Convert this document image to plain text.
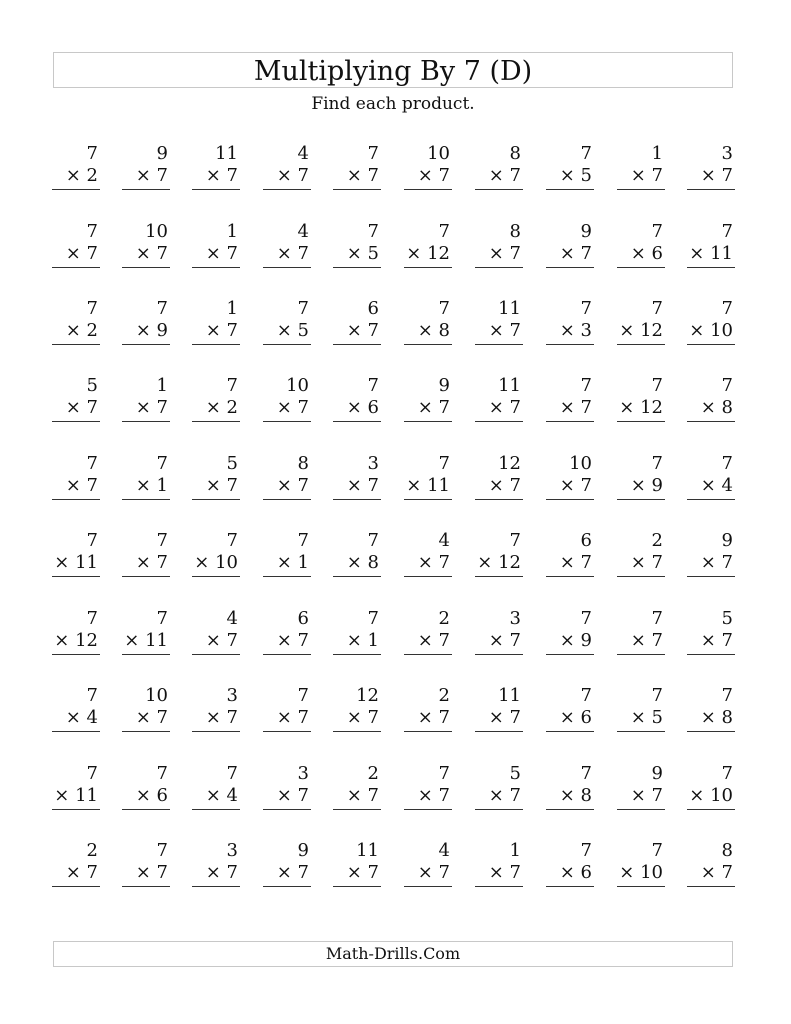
Multiplying By 7 (D)
Find each product.
7
× 2
9
× 7
11
× 7
4
× 7
7
× 7
10
× 7
8
× 7
7
× 5
1
× 7
3
× 7
7
× 7
10
× 7
1
× 7
4
× 7
7
× 5
7
× 12
8
× 7
9
× 7
7
× 6
7
× 11
7
× 2
7
× 9
1
× 7
7
× 5
6
× 7
7
× 8
11
× 7
7
× 3
7
× 12
7
× 10
5
× 7
1
× 7
7
× 2
10
× 7
7
× 6
9
× 7
11
× 7
7
× 7
7
× 12
7
× 8
7
× 7
7
× 1
5
× 7
8
× 7
3
× 7
7
× 11
12
× 7
10
× 7
7
× 9
7
× 4
7
× 11
7
× 7
7
× 10
7
× 1
7
× 8
4
× 7
7
× 12
6
× 7
2
× 7
9
× 7
7
× 12
7
× 11
4
× 7
6
× 7
7
× 1
2
× 7
3
× 7
7
× 9
7
× 7
5
× 7
7
× 4
10
× 7
3
× 7
7
× 7
12
× 7
2
× 7
11
× 7
7
× 6
7
× 5
7
× 8
7
× 11
7
× 6
7
× 4
3
× 7
2
× 7
7
× 7
5
× 7
7
× 8
9
× 7
7
× 10
2
× 7
7
× 7
3
× 7
9
× 7
11
× 7
4
× 7
1
× 7
7
× 6
7
× 10
8
× 7
Math-Drills.Com
